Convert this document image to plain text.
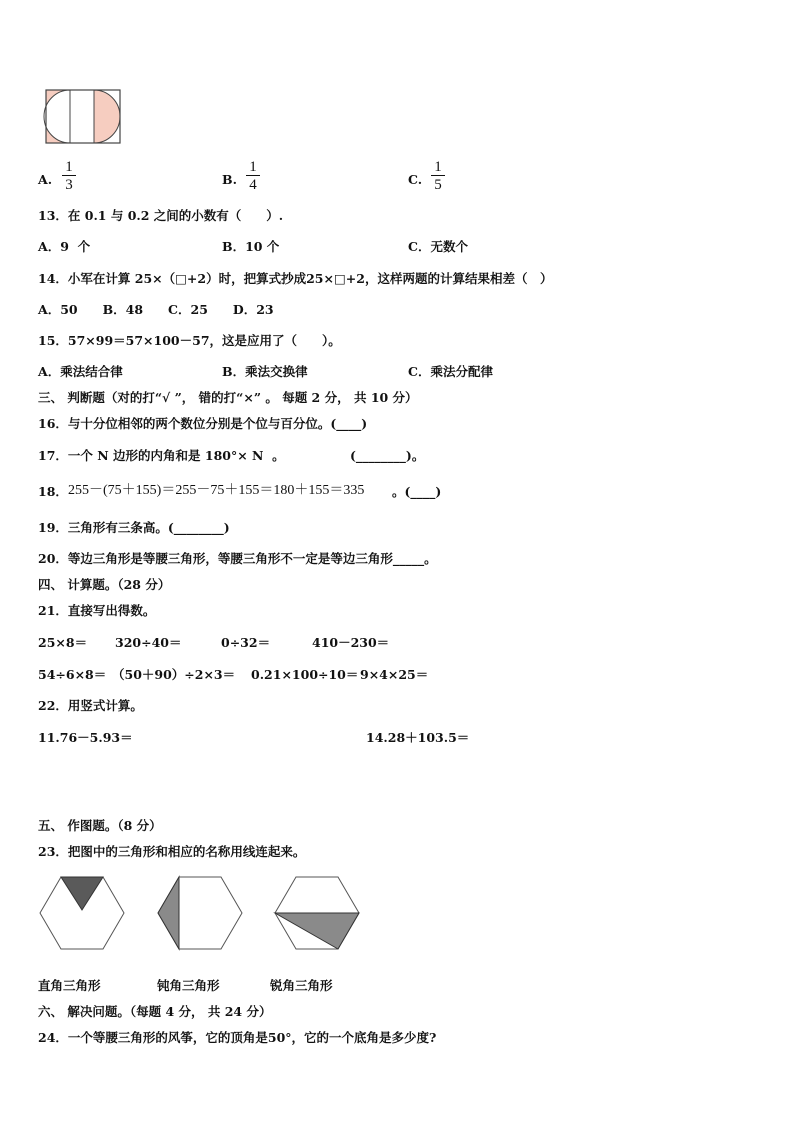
A.
1
3	B.
1
4	C.
1
5
13．在 0.1 与 0.2 之间的小数有（　　）.
A．9  个	B．10 个	C．无数个
14．小军在计算 25×（□+2）时，把算式抄成25×□+2，这样两题的计算结果相差（　）
A．50　　B．48　　C．25　　D．23
15．57×99＝57×100－57，这是应用了（　　）。
A．乘法结合律	B．乘法交换律	C．乘法分配律
三、 判断题（对的打“√ ”， 错的打“×” 。 每题 2 分， 共 10 分）
16．与十分位相邻的两个数位分别是个位与百分位。(____)
17．一个 N 边形的内角和是 180°× N  。	(________)。
18． 255－(75＋155)＝255－75＋155＝180＋155＝335 。(____)
19．三角形有三条高。(________)
20．等边三角形是等腰三角形，等腰三角形不一定是等边三角形_____。
四、 计算题。（28 分）
21．直接写出得数。
25×8＝ 320÷40＝	0÷32＝	410－230＝
54÷6×8＝ （50＋90）÷2×3＝ 0.21×100÷10＝ 9×4×25＝
22．用竖式计算。
11.76－5.93＝	14.28＋103.5＝
五、 作图题。（8 分）
23．把图中的三角形和相应的名称用线连起来。
直角三角形	钝角三角形	锐角三角形
六、 解决问题。（每题 4 分， 共 24 分）
24．一个等腰三角形的风筝，它的顶角是50°，它的一个底角是多少度?
